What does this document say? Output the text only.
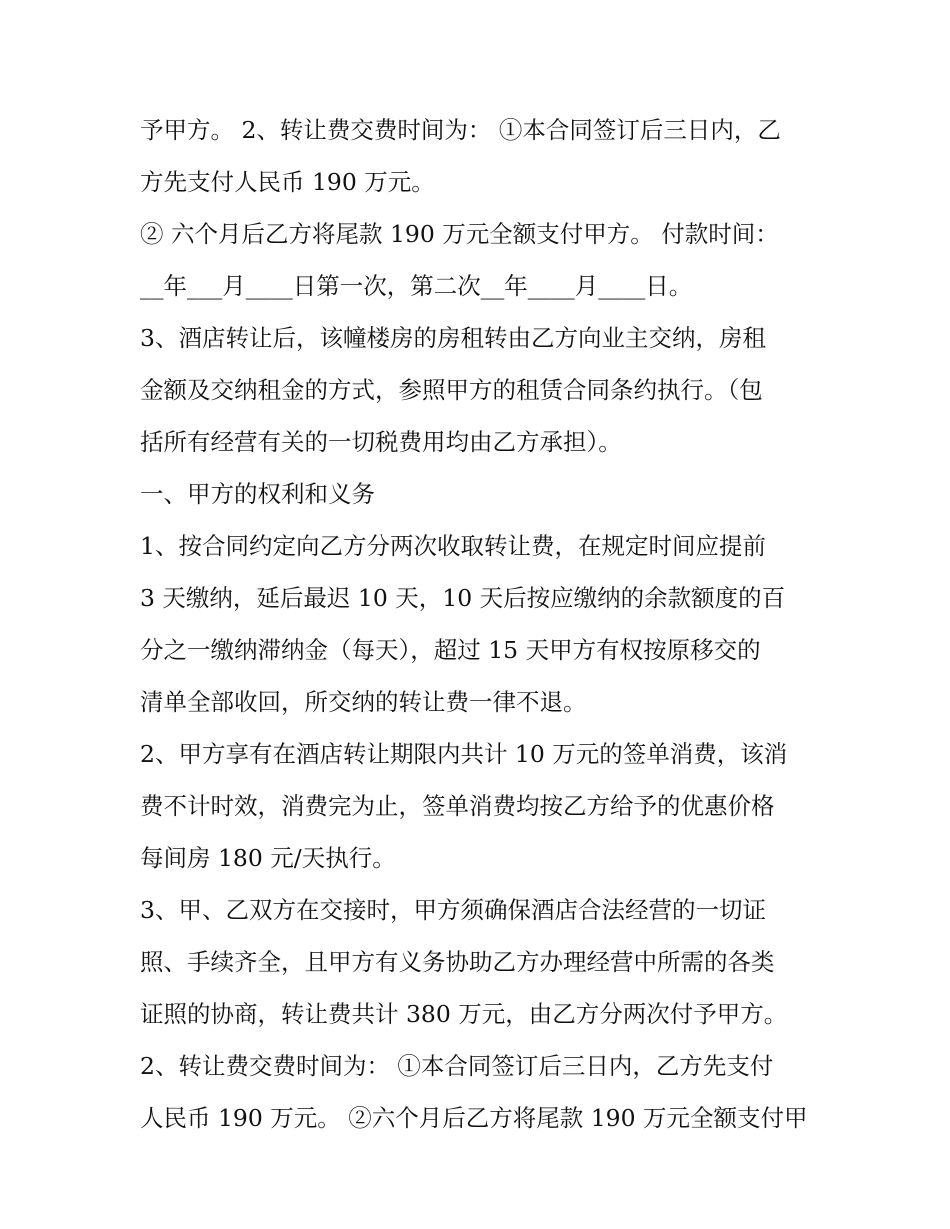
予甲方。 2、转让费交费时间为： ①本合同签订后三日内，乙
方先支付人民币 190 万元。
② 六个月后乙方将尾款 190 万元全额支付甲方。 付款时间：
__年___月____日第一次，第二次__年____月____日。
3、酒店转让后，该幢楼房的房租转由乙方向业主交纳，房租
金额及交纳租金的方式，参照甲方的租赁合同条约执行。（包
括所有经营有关的一切税费用均由乙方承担）。
一、甲方的权利和义务
1、按合同约定向乙方分两次收取转让费，在规定时间应提前
3 天缴纳，延后最迟 10 天，10 天后按应缴纳的余款额度的百
分之一缴纳滞纳金（每天），超过 15 天甲方有权按原移交的
清单全部收回，所交纳的转让费一律不退。
2、甲方享有在酒店转让期限内共计 10 万元的签单消费，该消
费不计时效，消费完为止，签单消费均按乙方给予的优惠价格
每间房 180 元/天执行。
3、甲、乙双方在交接时，甲方须确保酒店合法经营的一切证
照、手续齐全，且甲方有义务协助乙方办理经营中所需的各类
证照的协商，转让费共计 380 万元，由乙方分两次付予甲方。
2、转让费交费时间为： ①本合同签订后三日内，乙方先支付
人民币 190 万元。 ②六个月后乙方将尾款 190 万元全额支付甲
